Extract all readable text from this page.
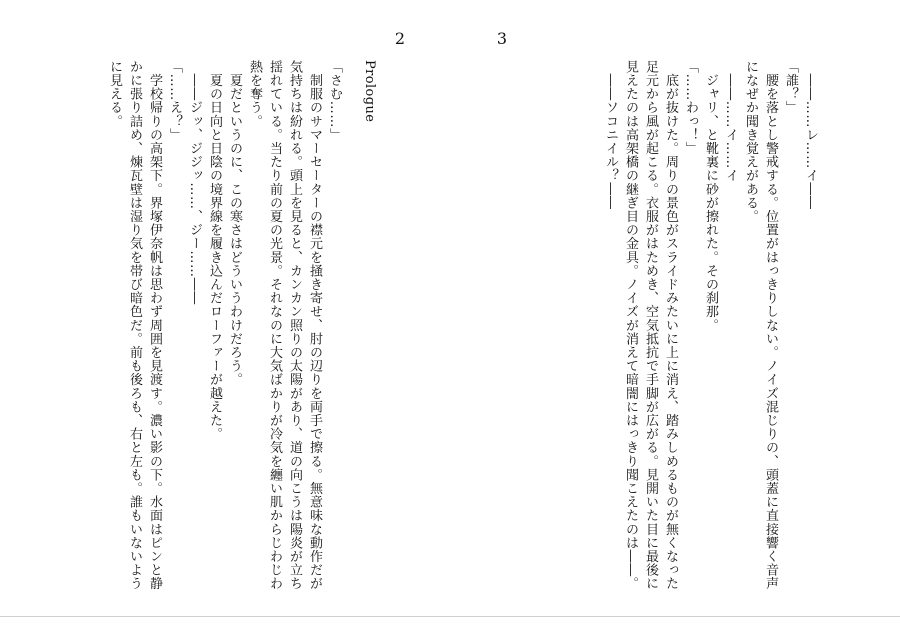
2	3
Prologue	　――……レ……イ――
「誰？」
　腰を落とし警戒する。位置がはっきりしない。ノイズ混じりの、頭蓋に直接響く音声
になぜか聞き覚えがある。
　――……イ……イ
　ジャリ、と靴裏に砂が擦れた。その刹那。
「……わっ！」
　底が抜けた。周りの景色がスライドみたいに上に消え、踏みしめるものが無くなった
足元から風が起こる。衣服がはためき、空気抵抗で手脚が広がる。見開いた目に最後に
見えたのは高架橋の継ぎ目の金具。ノイズが消えて暗闇にはっきり聞こえたのは――。
　――ソコニイル？――
「さむ……」
　制服のサマーセーターの襟元を掻き寄せ、肘の辺りを両手で擦る。無意味な動作だが
気持ちは紛れる。頭上を見ると、カンカン照りの太陽があり、道の向こうは陽炎が立ち
揺れている。当たり前の夏の光景。それなのに大気ばかりが冷気を纏い肌からじわじわ
熱を奪う。
　夏だというのに、この寒さはどういうわけだろう。
　夏の日向と日陰の境界線を履き込んだローファーが越えた。
　――ジッ、ジジッ……、ジー……――
「……え？」
　学校帰りの高架下。界塚伊奈帆は思わず周囲を見渡す。濃い影の下。水面はピンと静
かに張り詰め、煉瓦壁は湿り気を帯び暗色だ。前も後ろも、右と左も。誰もいないよう
に見える。
